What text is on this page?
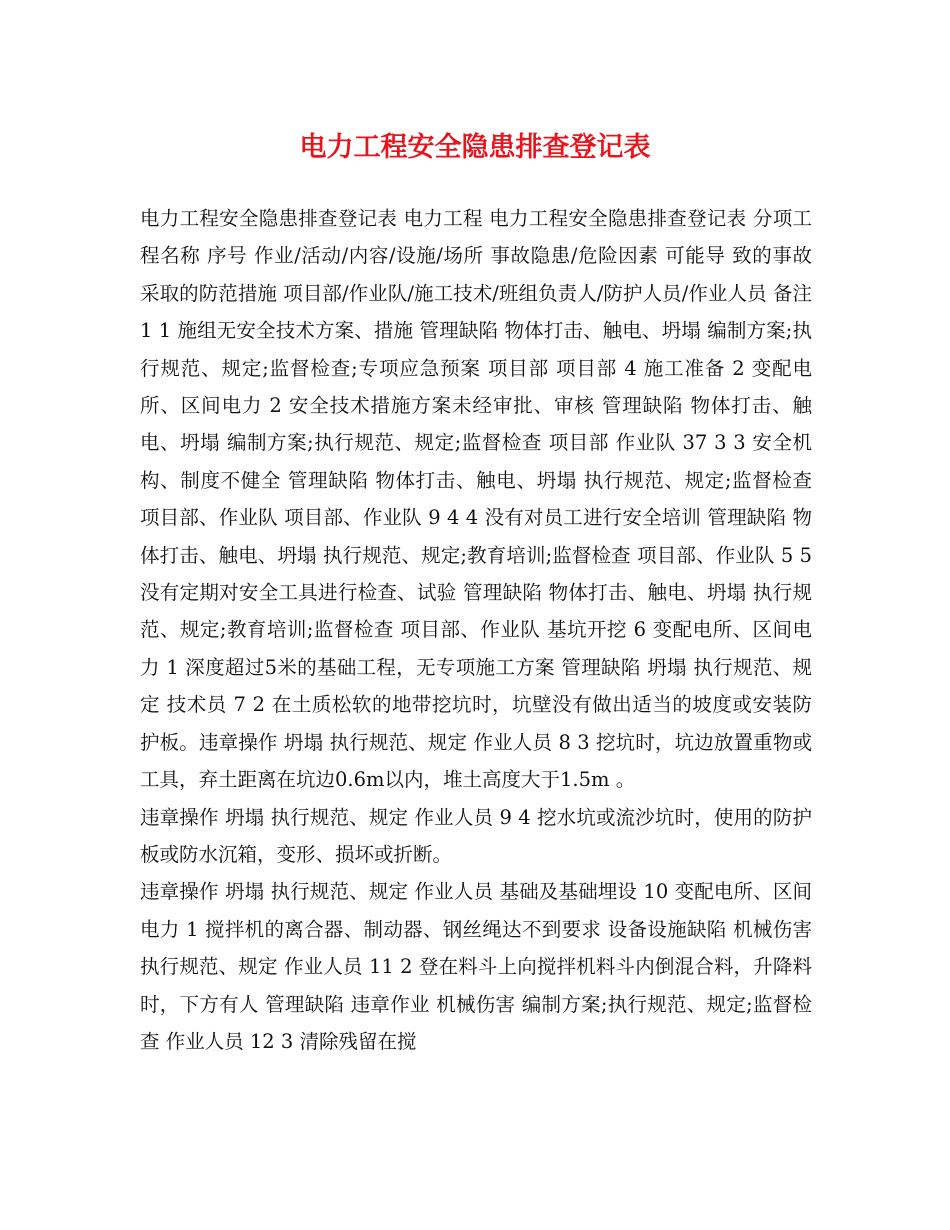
电力工程安全隐患排查登记表

电力工程安全隐患排查登记表 电力工程 电力工程安全隐患排查登记表 分项工程名称 序号 作业/活动/内容/设施/场所 事故隐患/危险因素 可能导 致的事故 采取的防范措施 项目部/作业队/施工技术/班组负责人/防护人员/作业人员 备注 1 1 施组无安全技术方案、措施 管理缺陷 物体打击、触电、坍塌 编制方案;执行规范、规定;监督检查;专项应急预案 项目部 项目部 4 施工准备 2 变配电所、区间电力 2 安全技术措施方案未经审批、审核 管理缺陷 物体打击、触电、坍塌 编制方案;执行规范、规定;监督检查 项目部 作业队 37 3 3 安全机构、制度不健全 管理缺陷 物体打击、触电、坍塌 执行规范、规定;监督检查 项目部、作业队 项目部、作业队 9 4 4 没有对员工进行安全培训 管理缺陷 物体打击、触电、坍塌 执行规范、规定;教育培训;监督检查 项目部、作业队 5 5 没有定期对安全工具进行检查、试验 管理缺陷 物体打击、触电、坍塌 执行规范、规定;教育培训;监督检查 项目部、作业队 基坑开挖 6 变配电所、区间电力 1 深度超过5米的基础工程，无专项施工方案 管理缺陷 坍塌 执行规范、规定 技术员 7 2 在土质松软的地带挖坑时，坑壁没有做出适当的坡度或安装防护板。违章操作 坍塌 执行规范、规定 作业人员 8 3 挖坑时，坑边放置重物或工具，弃土距离在坑边0.6m以内，堆土高度大于1.5m 。

违章操作 坍塌 执行规范、规定 作业人员 9 4 挖水坑或流沙坑时，使用的防护板或防水沉箱，变形、损坏或折断。

违章操作 坍塌 执行规范、规定 作业人员 基础及基础埋设 10 变配电所、区间电力 1 搅拌机的离合器、制动器、钢丝绳达不到要求 设备设施缺陷 机械伤害 执行规范、规定 作业人员 11 2 登在料斗上向搅拌机料斗内倒混合料，升降料时，下方有人 管理缺陷 违章作业 机械伤害 编制方案;执行规范、规定;监督检查 作业人员 12 3 清除残留在搅
